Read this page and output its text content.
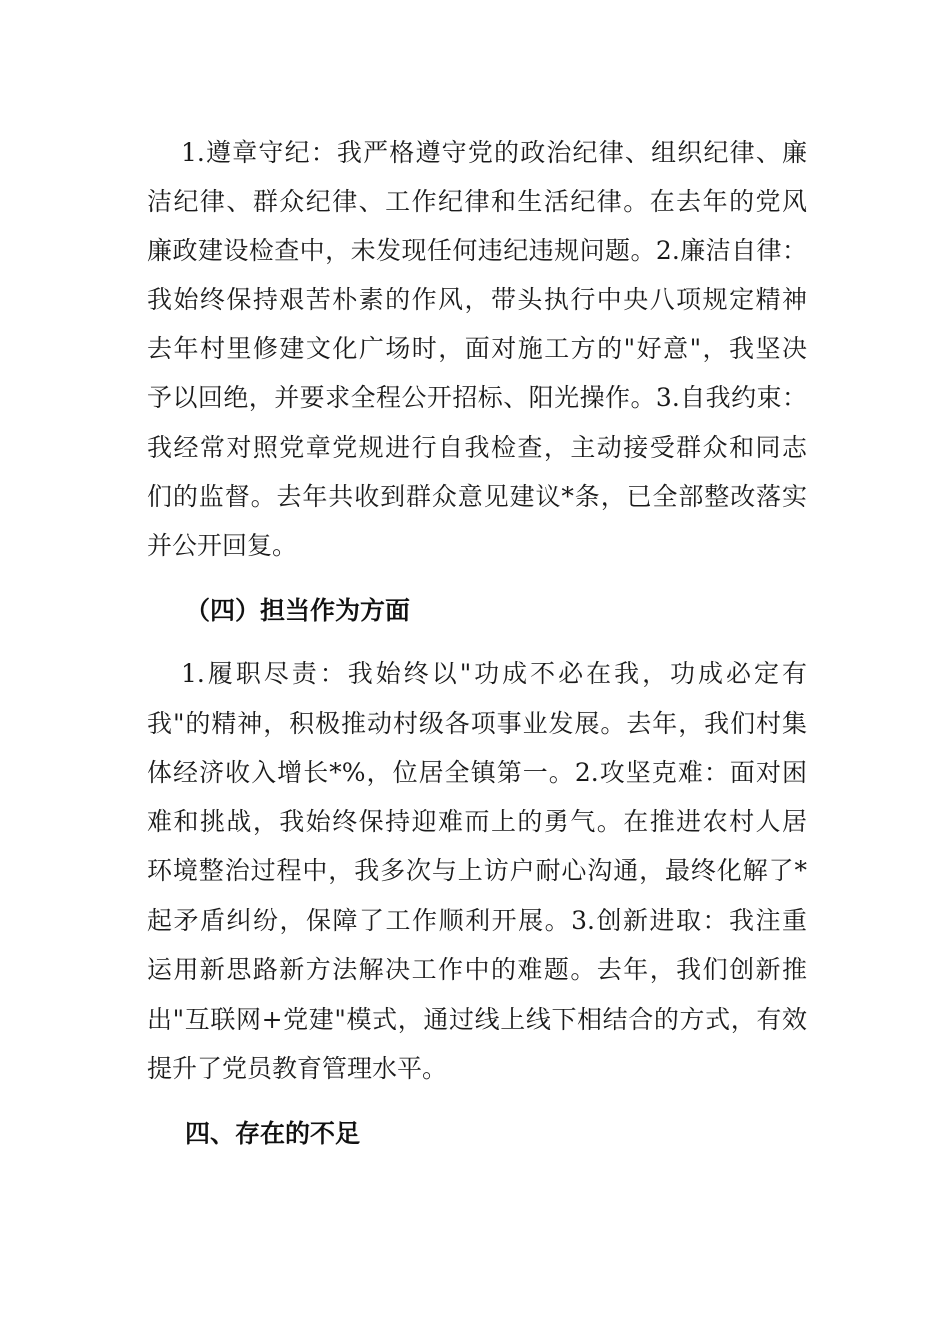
1.遵章守纪：我严格遵守党的政治纪律、组织纪律、廉
洁纪律、群众纪律、工作纪律和生活纪律。在去年的党风
廉政建设检查中，未发现任何违纪违规问题。2.廉洁自律：
我始终保持艰苦朴素的作风，带头执行中央八项规定精神
去年村里修建文化广场时，面对施工方的"好意"，我坚决
予以回绝，并要求全程公开招标、阳光操作。3.自我约束：
我经常对照党章党规进行自我检查，主动接受群众和同志
们的监督。去年共收到群众意见建议*条，已全部整改落实
并公开回复。
（四）担当作为方面
1.履职尽责：我始终以"功成不必在我，功成必定有
我"的精神，积极推动村级各项事业发展。去年，我们村集
体经济收入增长*%，位居全镇第一。2.攻坚克难：面对困
难和挑战，我始终保持迎难而上的勇气。在推进农村人居
环境整治过程中，我多次与上访户耐心沟通，最终化解了*
起矛盾纠纷，保障了工作顺利开展。3.创新进取：我注重
运用新思路新方法解决工作中的难题。去年，我们创新推
出"互联网+党建"模式，通过线上线下相结合的方式，有效
提升了党员教育管理水平。
四、存在的不足
